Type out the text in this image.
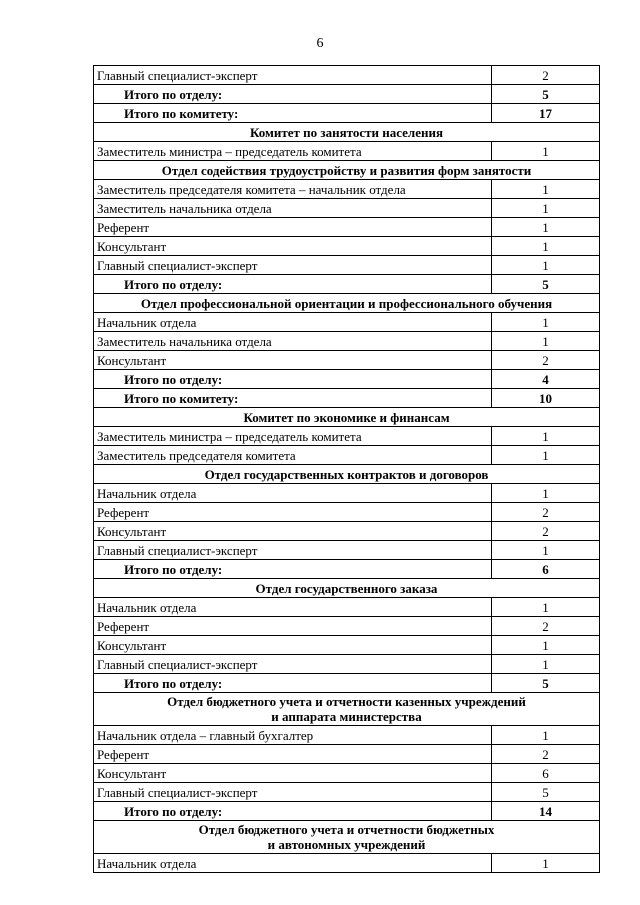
6
Главный специалист-эксперт	2
Итого по отделу:	5
Итого по комитету:	17

Комитет по занятости населения	

Заместитель министра – председатель комитета	1

Отдел содействия трудоустройству и развития форм занятости	

Заместитель председателя комитета – начальник отдела	1
Заместитель начальника отдела	1
Референт	1
Консультант	1
Главный специалист-эксперт	1
Итого по отделу:	5

Отдел профессиональной ориентации и профессионального обучения	

Начальник отдела	1
Заместитель начальника отдела	1
Консультант	2
Итого по отделу:	4
Итого по комитету:	10

Комитет по экономике и финансам	

Заместитель министра – председатель комитета	1
Заместитель председателя комитета	1

Отдел государственных контрактов и договоров	

Начальник отдела	1
Референт	2
Консультант	2
Главный специалист-эксперт	1
Итого по отделу:	6

Отдел государственного заказа	

Начальник отдела	1
Референт	2
Консультант	1
Главный специалист-эксперт	1
Итого по отделу:	5

Отдел бюджетного учета и отчетности казенных учреждений
и аппарата министерства	

Начальник отдела – главный бухгалтер	1
Референт	2
Консультант	6
Главный специалист-эксперт	5
Итого по отделу:	14

Отдел бюджетного учета и отчетности бюджетных
и автономных учреждений	

Начальник отдела	1
